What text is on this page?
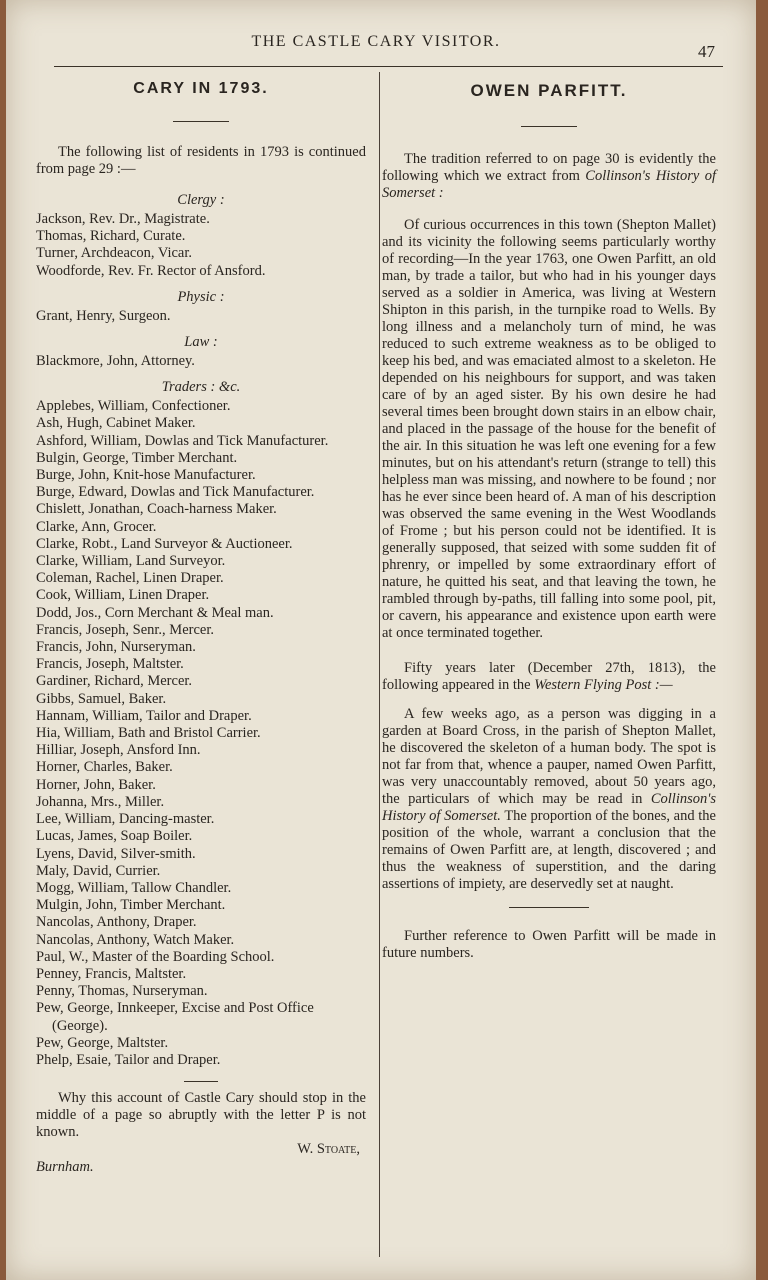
THE CASTLE CARY VISITOR.
47
CARY IN 1793.

The following list of residents in 1793 is continued from page 29 :—

Clergy :

Jackson, Rev. Dr., Magistrate.

Thomas, Richard, Curate.

Turner, Archdeacon, Vicar.

Woodforde, Rev. Fr. Rector of Ansford.

Physic :

Grant, Henry, Surgeon.

Law :

Blackmore, John, Attorney.

Traders : &c.

Applebes, William, Confectioner.

Ash, Hugh, Cabinet Maker.

Ashford, William, Dowlas and Tick Manufacturer.

Bulgin, George, Timber Merchant.

Burge, John, Knit-hose Manufacturer.

Burge, Edward, Dowlas and Tick Manufacturer.

Chislett, Jonathan, Coach-harness Maker.

Clarke, Ann, Grocer.

Clarke, Robt., Land Surveyor & Auctioneer.

Clarke, William, Land Surveyor.

Coleman, Rachel, Linen Draper.

Cook, William, Linen Draper.

Dodd, Jos., Corn Merchant & Meal man.

Francis, Joseph, Senr., Mercer.

Francis, John, Nurseryman.

Francis, Joseph, Maltster.

Gardiner, Richard, Mercer.

Gibbs, Samuel, Baker.

Hannam, William, Tailor and Draper.

Hia, William, Bath and Bristol Carrier.

Hilliar, Joseph, Ansford Inn.

Horner, Charles, Baker.

Horner, John, Baker.

Johanna, Mrs., Miller.

Lee, William, Dancing-master.

Lucas, James, Soap Boiler.

Lyens, David, Silver-smith.

Maly, David, Currier.

Mogg, William, Tallow Chandler.

Mulgin, John, Timber Merchant.

Nancolas, Anthony, Draper.

Nancolas, Anthony, Watch Maker.

Paul, W., Master of the Boarding School.

Penney, Francis, Maltster.

Penny, Thomas, Nurseryman.

Pew, George, Innkeeper, Excise and Post Office (George).

Pew, George, Maltster.

Phelp, Esaie, Tailor and Draper.

Why this account of Castle Cary should stop in the middle of a page so abruptly with the letter P is not known.

W. Stoate,

Burnham.

OWEN PARFITT.

The tradition referred to on page 30 is evidently the following which we extract from Collinson's History of Somerset :

Of curious occurrences in this town (Shepton Mallet) and its vicinity the following seems particularly worthy of recording—In the year 1763, one Owen Parfitt, an old man, by trade a tailor, but who had in his younger days served as a soldier in America, was living at Western Shipton in this parish, in the turnpike road to Wells. By long illness and a melancholy turn of mind, he was reduced to such extreme weakness as to be obliged to keep his bed, and was emaciated almost to a skeleton. He depended on his neighbours for support, and was taken care of by an aged sister. By his own desire he had several times been brought down stairs in an elbow chair, and placed in the passage of the house for the benefit of the air. In this situation he was left one evening for a few minutes, but on his attendant's return (strange to tell) this helpless man was missing, and nowhere to be found ; nor has he ever since been heard of. A man of his description was observed the same evening in the West Woodlands of Frome ; but his person could not be identified. It is generally supposed, that seized with some sudden fit of phrenry, or impelled by some extraordinary effort of nature, he quitted his seat, and that leaving the town, he rambled through by-paths, till falling into some pool, pit, or cavern, his appearance and existence upon earth were at once terminated together.

Fifty years later (December 27th, 1813), the following appeared in the Western Flying Post :—

A few weeks ago, as a person was digging in a garden at Board Cross, in the parish of Shepton Mallet, he discovered the skeleton of a human body. The spot is not far from that, whence a pauper, named Owen Parfitt, was very unaccountably removed, about 50 years ago, the particulars of which may be read in Collinson's History of Somerset. The proportion of the bones, and the position of the whole, warrant a conclusion that the remains of Owen Parfitt are, at length, discovered ; and thus the weakness of superstition, and the daring assertions of impiety, are deservedly set at naught.

Further reference to Owen Parfitt will be made in future numbers.
